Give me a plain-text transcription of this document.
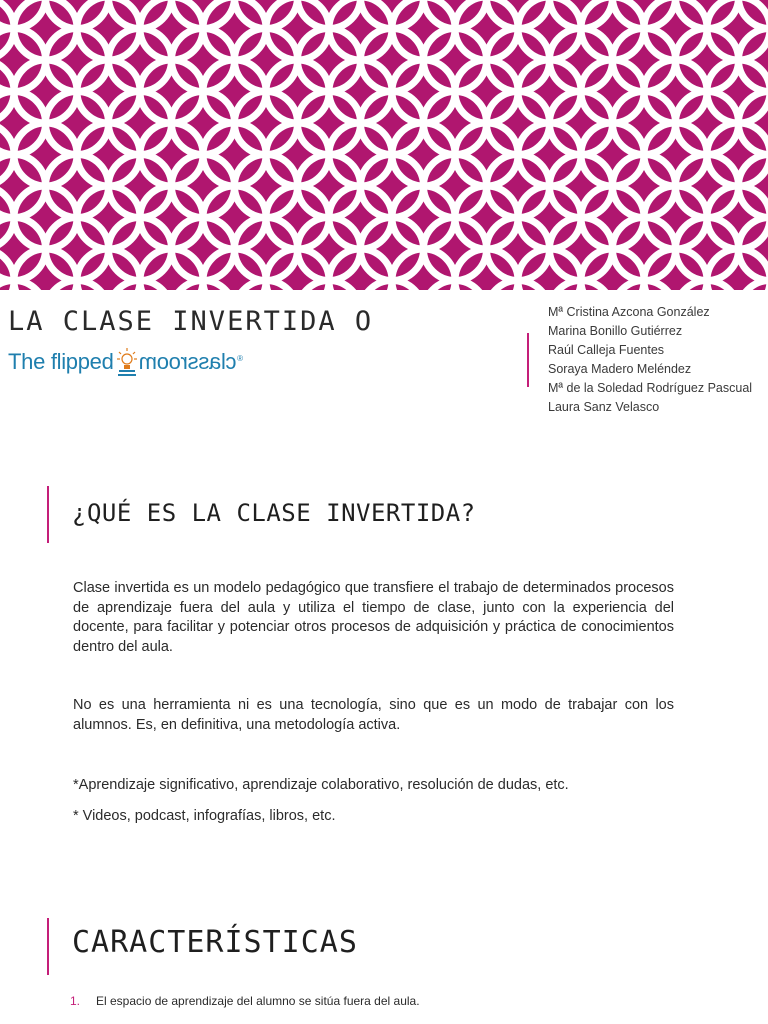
LA CLASE INVERTIDA O
The flipped classroom ®
Mª Cristina Azcona González
Marina Bonillo Gutiérrez
Raúl Calleja Fuentes
Soraya Madero Meléndez
Mª de la Soledad Rodríguez Pascual
Laura Sanz Velasco
¿QUÉ ES LA CLASE INVERTIDA?

Clase invertida es un modelo pedagógico que transfiere el trabajo de determinados procesos de aprendizaje fuera del aula y utiliza el tiempo de clase, junto con la experiencia del docente, para facilitar y potenciar otros procesos de adquisición y práctica de conocimientos dentro del aula.

No es una herramienta ni es una tecnología, sino que es un modo de trabajar con los alumnos. Es, en definitiva, una metodología activa.

*Aprendizaje significativo, aprendizaje colaborativo, resolución de dudas, etc.

* Videos, podcast, infografías, libros, etc.

CARACTERÍSTICAS
1. El espacio de aprendizaje del alumno se sitúa fuera del aula.
